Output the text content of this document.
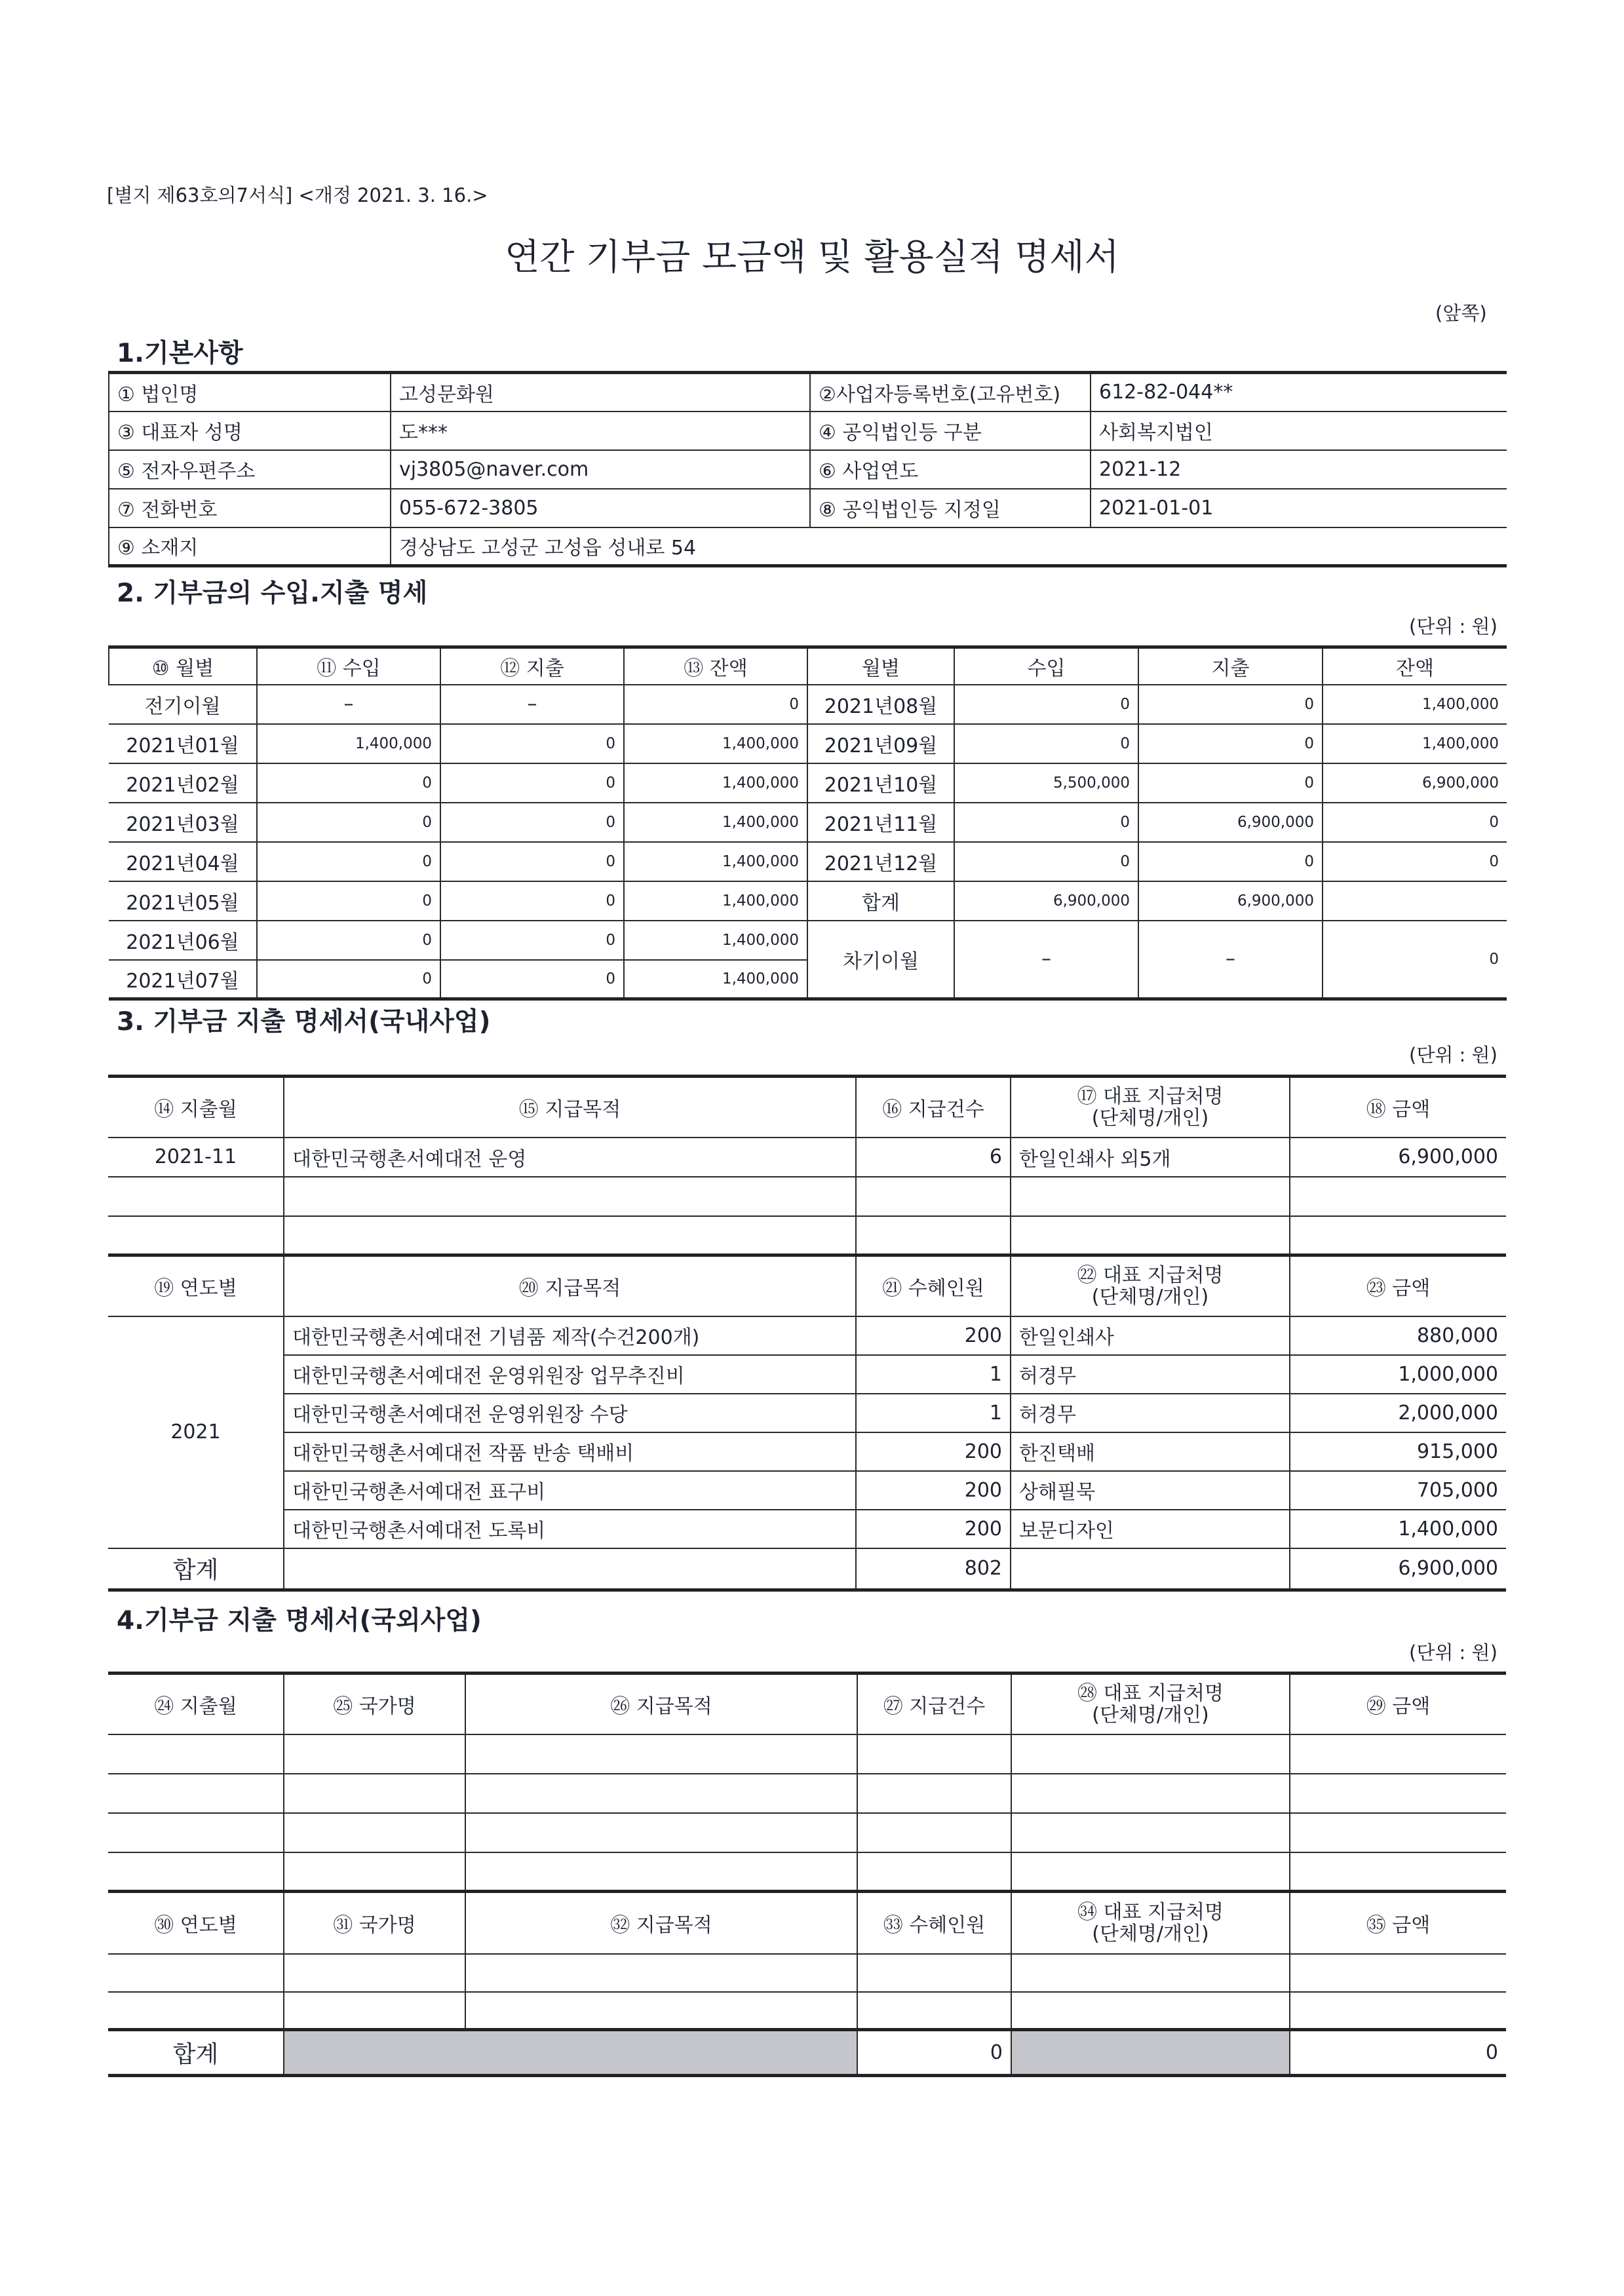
[별지 제63호의7서식] <개정 2021. 3. 16.>
연간 기부금 모금액 및 활용실적 명세서
(앞쪽)
1.기본사항
① 법인명	고성문화원	②사업자등록번호(고유번호)	612-82-044**
③ 대표자 성명	도***	④ 공익법인등 구분	사회복지법인
⑤ 전자우편주소	vj3805@naver.com	⑥ 사업연도	2021-12
⑦ 전화번호	055-672-3805	⑧ 공익법인등 지정일	2021-01-01
⑨ 소재지	경상남도 고성군 고성읍 성내로 54		
2. 기부금의 수입.지출 명세
(단위 : 원)
⑩ 월별	⑪ 수입	⑫ 지출	⑬ 잔액	월별	수입	지출	잔액
전기이월	–	–	0	2021년08월	0	0	1,400,000
2021년01월	1,400,000	0	1,400,000	2021년09월	0	0	1,400,000
2021년02월	0	0	1,400,000	2021년10월	5,500,000	0	6,900,000
2021년03월	0	0	1,400,000	2021년11월	0	6,900,000	0
2021년04월	0	0	1,400,000	2021년12월	0	0	0
2021년05월	0	0	1,400,000	합계	6,900,000	6,900,000	
2021년06월	0	0	1,400,000	차기이월	–	–	0
2021년07월	0	0	1,400,000				
3. 기부금 지출 명세서(국내사업)
(단위 : 원)
⑭ 지출월	⑮ 지급목적	⑯ 지급건수	⑰ 대표 지급처명
(단체명/개인)	⑱ 금액
2021-11	대한민국행촌서예대전 운영	6	한일인쇄사 외5개	6,900,000

⑲ 연도별	⑳ 지급목적	㉑ 수혜인원	㉒ 대표 지급처명
(단체명/개인)	㉓ 금액
2021	대한민국행촌서예대전 기념품 제작(수건200개)	200	한일인쇄사	880,000
	대한민국행촌서예대전 운영위원장 업무추진비	1	허경무	1,000,000
	대한민국행촌서예대전 운영위원장 수당	1	허경무	2,000,000
	대한민국행촌서예대전 작품 반송 택배비	200	한진택배	915,000
	대한민국행촌서예대전 표구비	200	상해필묵	705,000
	대한민국행촌서예대전 도록비	200	보문디자인	1,400,000
합계		802		6,900,000
4.기부금 지출 명세서(국외사업)
(단위 : 원)
㉔ 지출월	㉕ 국가명	㉖ 지급목적	㉗ 지급건수	㉘ 대표 지급처명
(단체명/개인)	㉙ 금액

㉚ 연도별	㉛ 국가명	㉜ 지급목적	㉝ 수혜인원	㉞ 대표 지급처명
(단체명/개인)	㉟ 금액

합계			0		0
